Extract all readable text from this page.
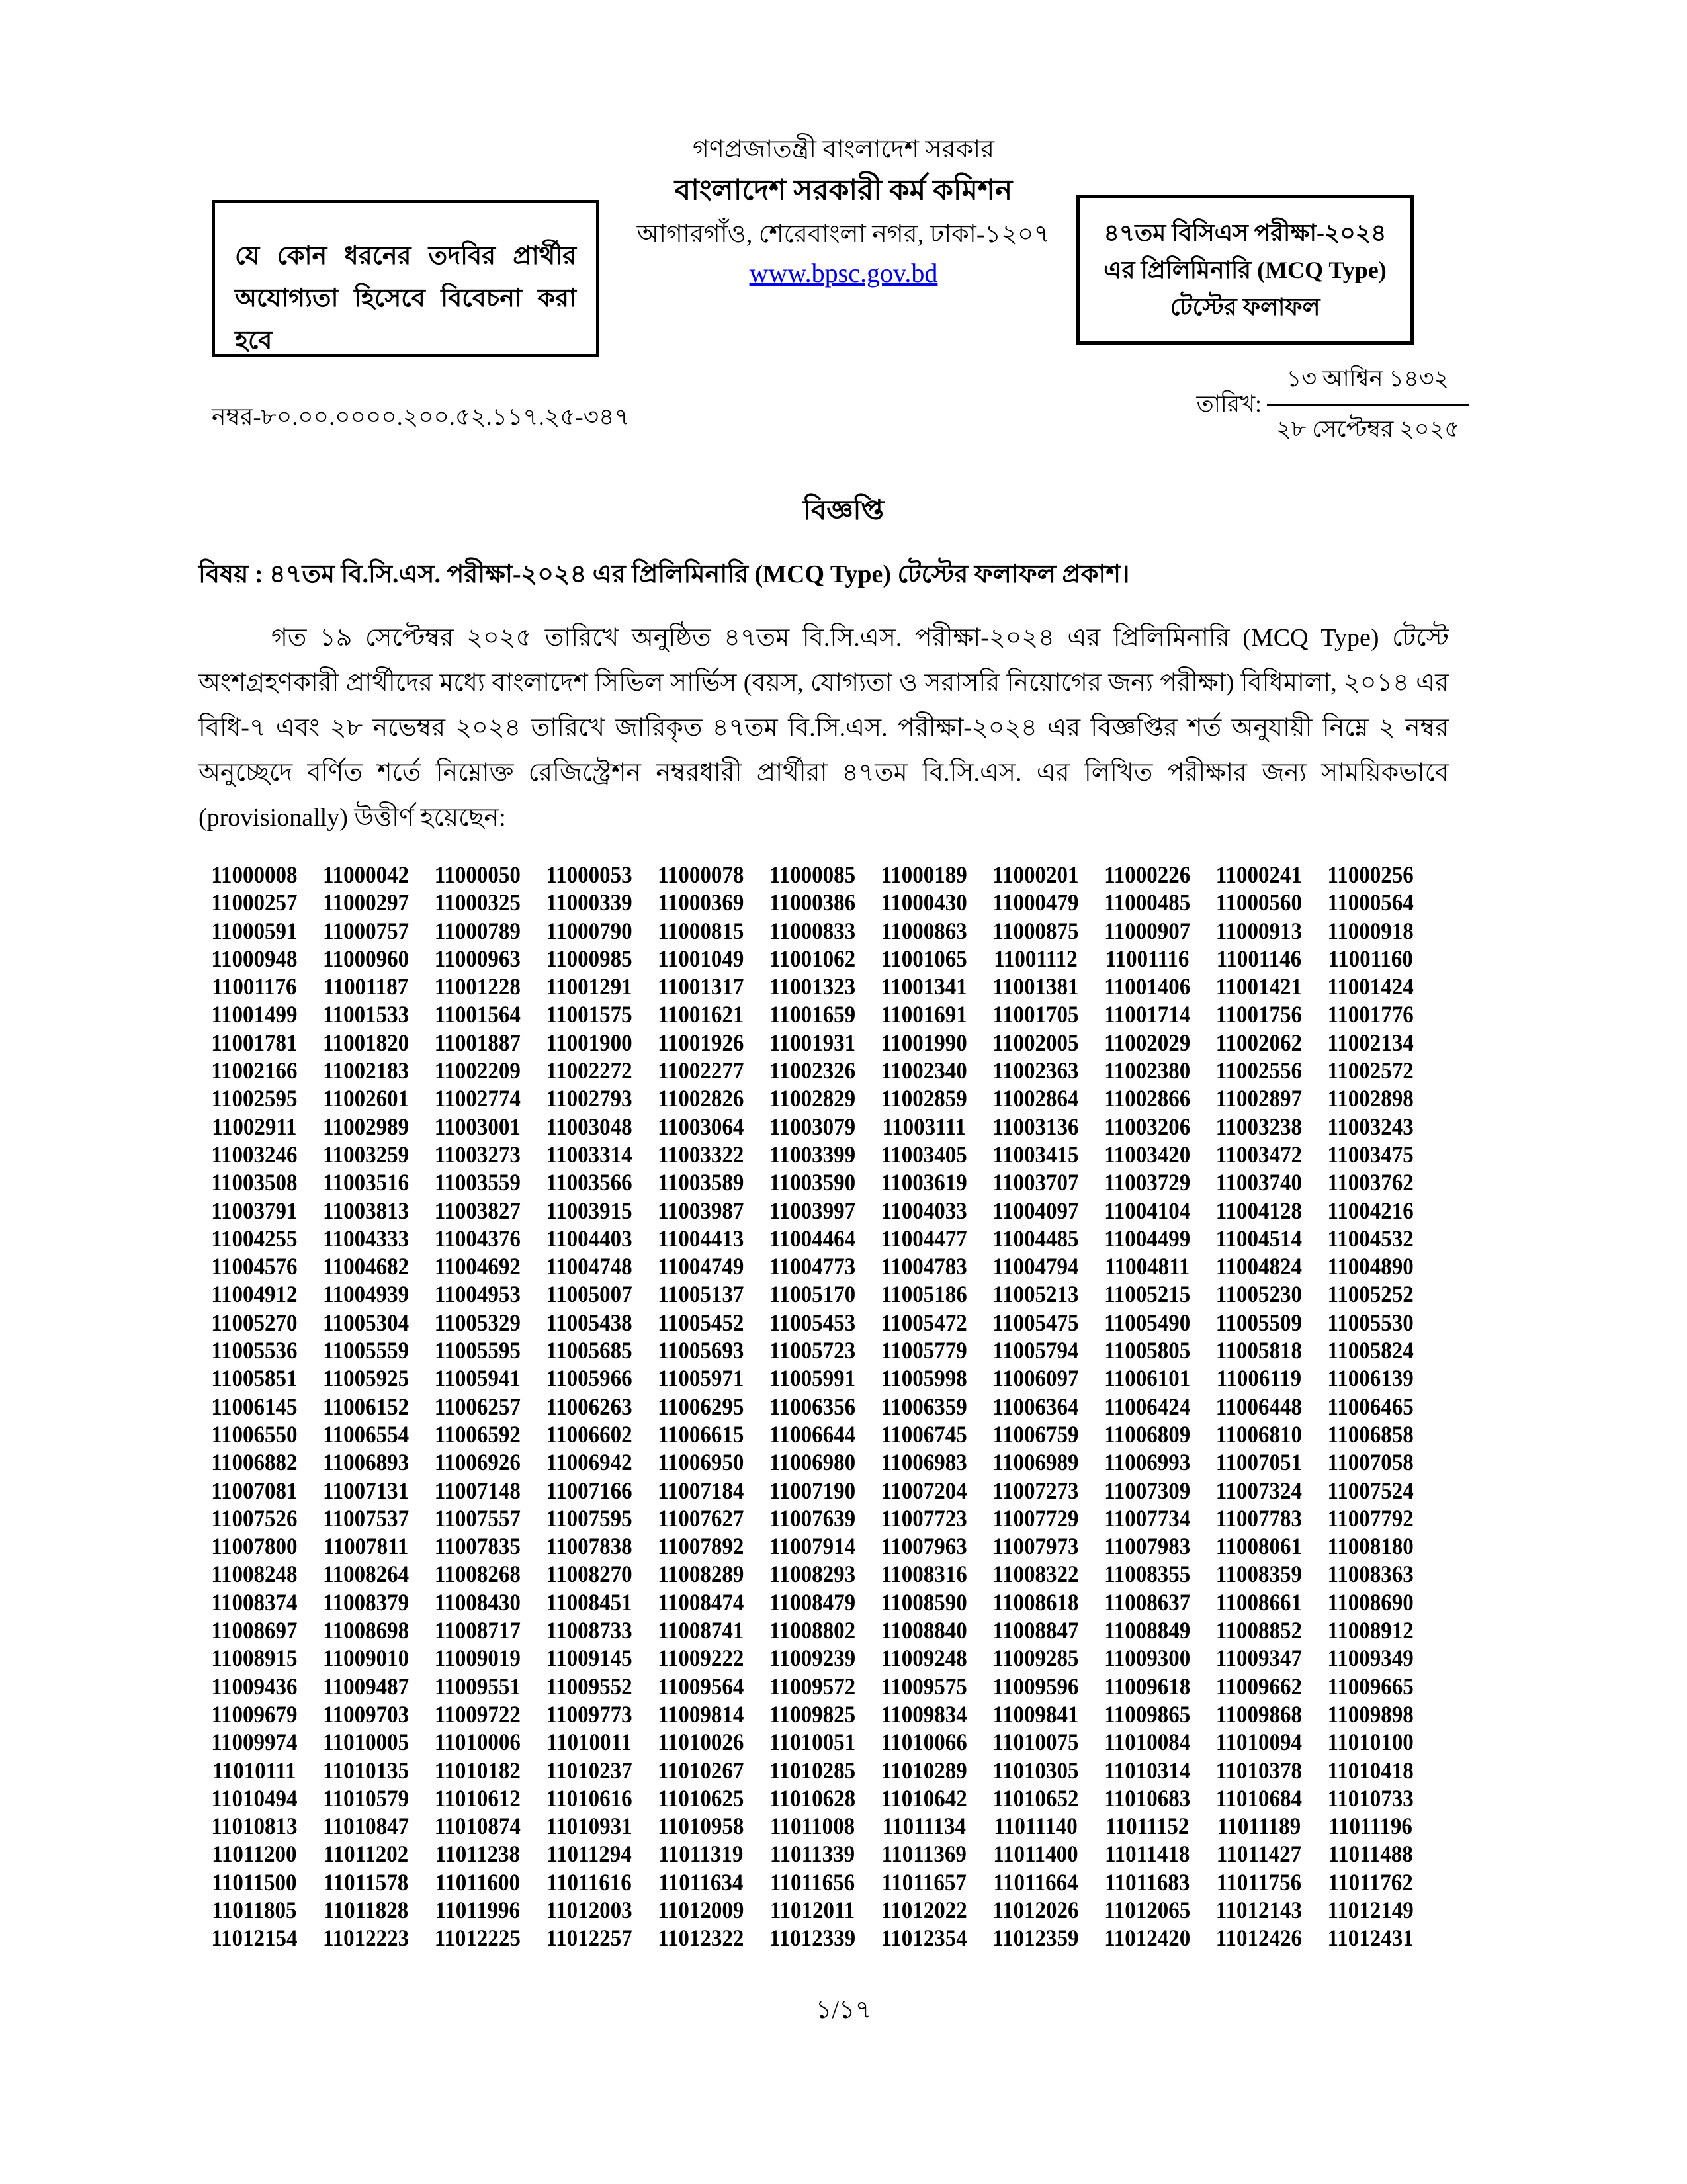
গণপ্রজাতন্ত্রী বাংলাদেশ সরকার
বাংলাদেশ সরকারী কর্ম কমিশন
আগারগাঁও, শেরেবাংলা নগর, ঢাকা-১২০৭
www.bpsc.gov.bd
যে কোন ধরনের তদবির প্রার্থীর অযোগ্যতা হিসেবে বিবেচনা করা হবে
৪৭তম বিসিএস পরীক্ষা-২০২৪ এর প্রিলিমিনারি (MCQ Type) টেস্টের ফলাফল
নম্বর-৮০.০০.০০০০.২০০.৫২.১১৭.২৫-৩৪৭	তারিখ: $\frac{\text{১৩ আশ্বিন ১৪৩২}}{\text{২৮ সেপ্টেম্বর ২০২৫}}$
বিজ্ঞপ্তি
বিষয় : ৪৭তম বি.সি.এস. পরীক্ষা-২০২৪ এর প্রিলিমিনারি (MCQ Type) টেস্টের ফলাফল প্রকাশ।
গত ১৯ সেপ্টেম্বর ২০২৫ তারিখে অনুষ্ঠিত ৪৭তম বি.সি.এস. পরীক্ষা-২০২৪ এর প্রিলিমিনারি (MCQ Type) টেস্টে অংশগ্রহণকারী প্রার্থীদের মধ্যে বাংলাদেশ সিভিল সার্ভিস (বয়স, যোগ্যতা ও সরাসরি নিয়োগের জন্য পরীক্ষা) বিধিমালা, ২০১৪ এর বিধি-৭ এবং ২৮ নভেম্বর ২০২৪ তারিখে জারিকৃত ৪৭তম বি.সি.এস. পরীক্ষা-২০২৪ এর বিজ্ঞপ্তির শর্ত অনুযায়ী নিম্নে ২ নম্বর অনুচ্ছেদে বর্ণিত শর্তে নিম্নোক্ত রেজিস্ট্রেশন নম্বরধারী প্রার্থীরা ৪৭তম বি.সি.এস. এর লিখিত পরীক্ষার জন্য সাময়িকভাবে (provisionally) উত্তীর্ণ হয়েছেন:
11000008	11000042	11000050	11000053	11000078	11000085	11000189	11000201	11000226	11000241	11000256
11000257	11000297	11000325	11000339	11000369	11000386	11000430	11000479	11000485	11000560	11000564
11000591	11000757	11000789	11000790	11000815	11000833	11000863	11000875	11000907	11000913	11000918
11000948	11000960	11000963	11000985	11001049	11001062	11001065	11001112	11001116	11001146	11001160
11001176	11001187	11001228	11001291	11001317	11001323	11001341	11001381	11001406	11001421	11001424
11001499	11001533	11001564	11001575	11001621	11001659	11001691	11001705	11001714	11001756	11001776
11001781	11001820	11001887	11001900	11001926	11001931	11001990	11002005	11002029	11002062	11002134
11002166	11002183	11002209	11002272	11002277	11002326	11002340	11002363	11002380	11002556	11002572
11002595	11002601	11002774	11002793	11002826	11002829	11002859	11002864	11002866	11002897	11002898
11002911	11002989	11003001	11003048	11003064	11003079	11003111	11003136	11003206	11003238	11003243
11003246	11003259	11003273	11003314	11003322	11003399	11003405	11003415	11003420	11003472	11003475
11003508	11003516	11003559	11003566	11003589	11003590	11003619	11003707	11003729	11003740	11003762
11003791	11003813	11003827	11003915	11003987	11003997	11004033	11004097	11004104	11004128	11004216
11004255	11004333	11004376	11004403	11004413	11004464	11004477	11004485	11004499	11004514	11004532
11004576	11004682	11004692	11004748	11004749	11004773	11004783	11004794	11004811	11004824	11004890
11004912	11004939	11004953	11005007	11005137	11005170	11005186	11005213	11005215	11005230	11005252
11005270	11005304	11005329	11005438	11005452	11005453	11005472	11005475	11005490	11005509	11005530
11005536	11005559	11005595	11005685	11005693	11005723	11005779	11005794	11005805	11005818	11005824
11005851	11005925	11005941	11005966	11005971	11005991	11005998	11006097	11006101	11006119	11006139
11006145	11006152	11006257	11006263	11006295	11006356	11006359	11006364	11006424	11006448	11006465
11006550	11006554	11006592	11006602	11006615	11006644	11006745	11006759	11006809	11006810	11006858
11006882	11006893	11006926	11006942	11006950	11006980	11006983	11006989	11006993	11007051	11007058
11007081	11007131	11007148	11007166	11007184	11007190	11007204	11007273	11007309	11007324	11007524
11007526	11007537	11007557	11007595	11007627	11007639	11007723	11007729	11007734	11007783	11007792
11007800	11007811	11007835	11007838	11007892	11007914	11007963	11007973	11007983	11008061	11008180
11008248	11008264	11008268	11008270	11008289	11008293	11008316	11008322	11008355	11008359	11008363
11008374	11008379	11008430	11008451	11008474	11008479	11008590	11008618	11008637	11008661	11008690
11008697	11008698	11008717	11008733	11008741	11008802	11008840	11008847	11008849	11008852	11008912
11008915	11009010	11009019	11009145	11009222	11009239	11009248	11009285	11009300	11009347	11009349
11009436	11009487	11009551	11009552	11009564	11009572	11009575	11009596	11009618	11009662	11009665
11009679	11009703	11009722	11009773	11009814	11009825	11009834	11009841	11009865	11009868	11009898
11009974	11010005	11010006	11010011	11010026	11010051	11010066	11010075	11010084	11010094	11010100
11010111	11010135	11010182	11010237	11010267	11010285	11010289	11010305	11010314	11010378	11010418
11010494	11010579	11010612	11010616	11010625	11010628	11010642	11010652	11010683	11010684	11010733
11010813	11010847	11010874	11010931	11010958	11011008	11011134	11011140	11011152	11011189	11011196
11011200	11011202	11011238	11011294	11011319	11011339	11011369	11011400	11011418	11011427	11011488
11011500	11011578	11011600	11011616	11011634	11011656	11011657	11011664	11011683	11011756	11011762
11011805	11011828	11011996	11012003	11012009	11012011	11012022	11012026	11012065	11012143	11012149
11012154	11012223	11012225	11012257	11012322	11012339	11012354	11012359	11012420	11012426	11012431
১/১৭
